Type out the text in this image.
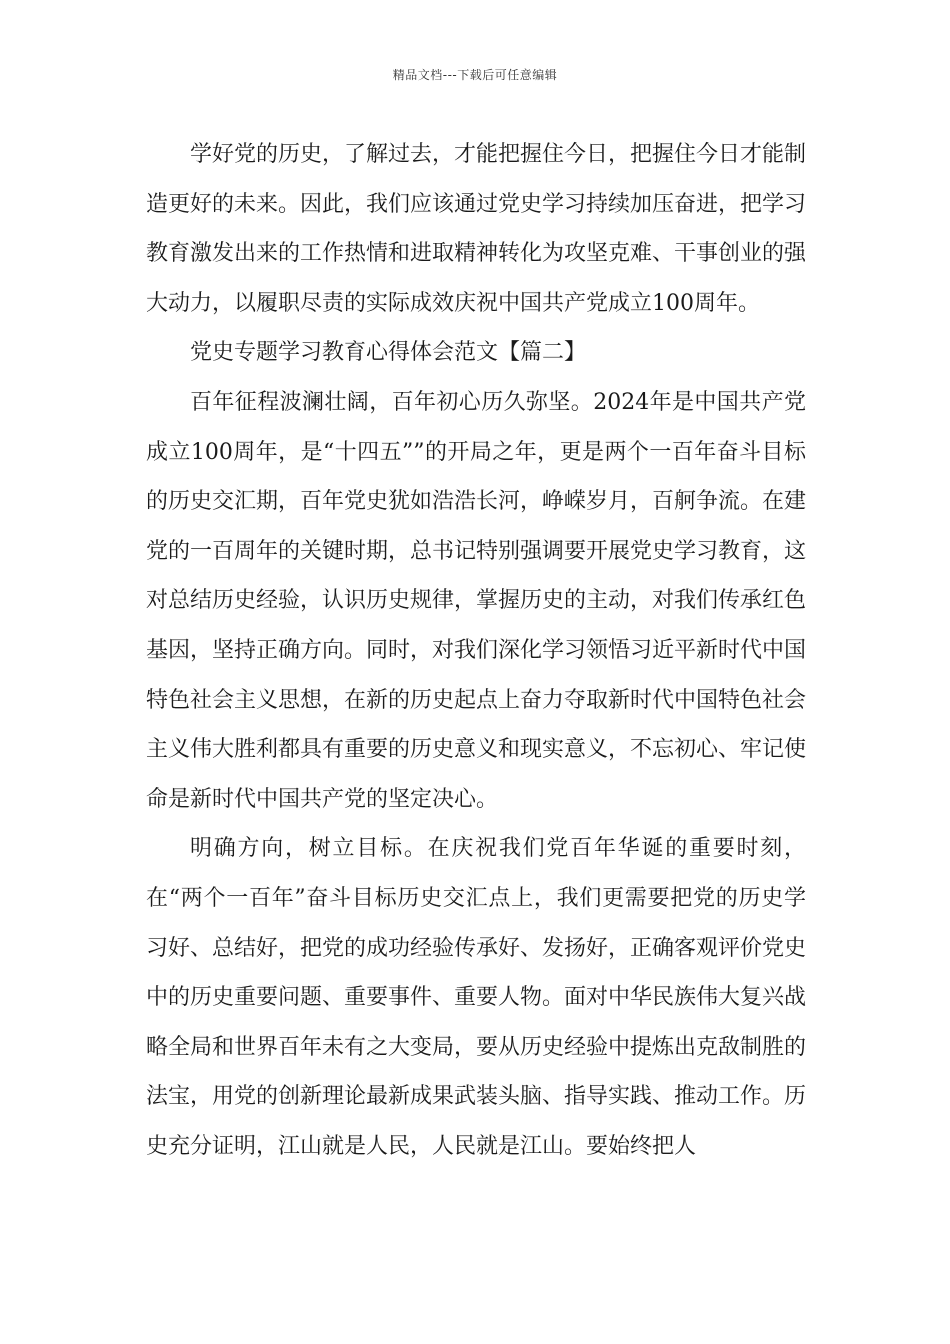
精品文档---下载后可任意编辑

学好党的历史，了解过去，才能把握住今日，把握住今日才能制造更好的未来。因此，我们应该通过党史学习持续加压奋进，把学习教育激发出来的工作热情和进取精神转化为攻坚克难、干事创业的强大动力，以履职尽责的实际成效庆祝中国共产党成立100周年。

党史专题学习教育心得体会范文【篇二】

百年征程波澜壮阔，百年初心历久弥坚。2024年是中国共产党成立100周年，是“十四五””的开局之年，更是两个一百年奋斗目标的历史交汇期，百年党史犹如浩浩长河，峥嵘岁月，百舸争流。在建党的一百周年的关键时期，总书记特别强调要开展党史学习教育，这对总结历史经验，认识历史规律，掌握历史的主动，对我们传承红色基因，坚持正确方向。同时，对我们深化学习领悟习近平新时代中国特色社会主义思想，在新的历史起点上奋力夺取新时代中国特色社会主义伟大胜利都具有重要的历史意义和现实意义，不忘初心、牢记使命是新时代中国共产党的坚定决心。

明确方向，树立目标。在庆祝我们党百年华诞的重要时刻，在“两个一百年”奋斗目标历史交汇点上，我们更需要把党的历史学习好、总结好，把党的成功经验传承好、发扬好，正确客观评价党史中的历史重要问题、重要事件、重要人物。面对中华民族伟大复兴战略全局和世界百年未有之大变局，要从历史经验中提炼出克敌制胜的法宝，用党的创新理论最新成果武装头脑、指导实践、推动工作。历史充分证明，江山就是人民，人民就是江山。要始终把人
